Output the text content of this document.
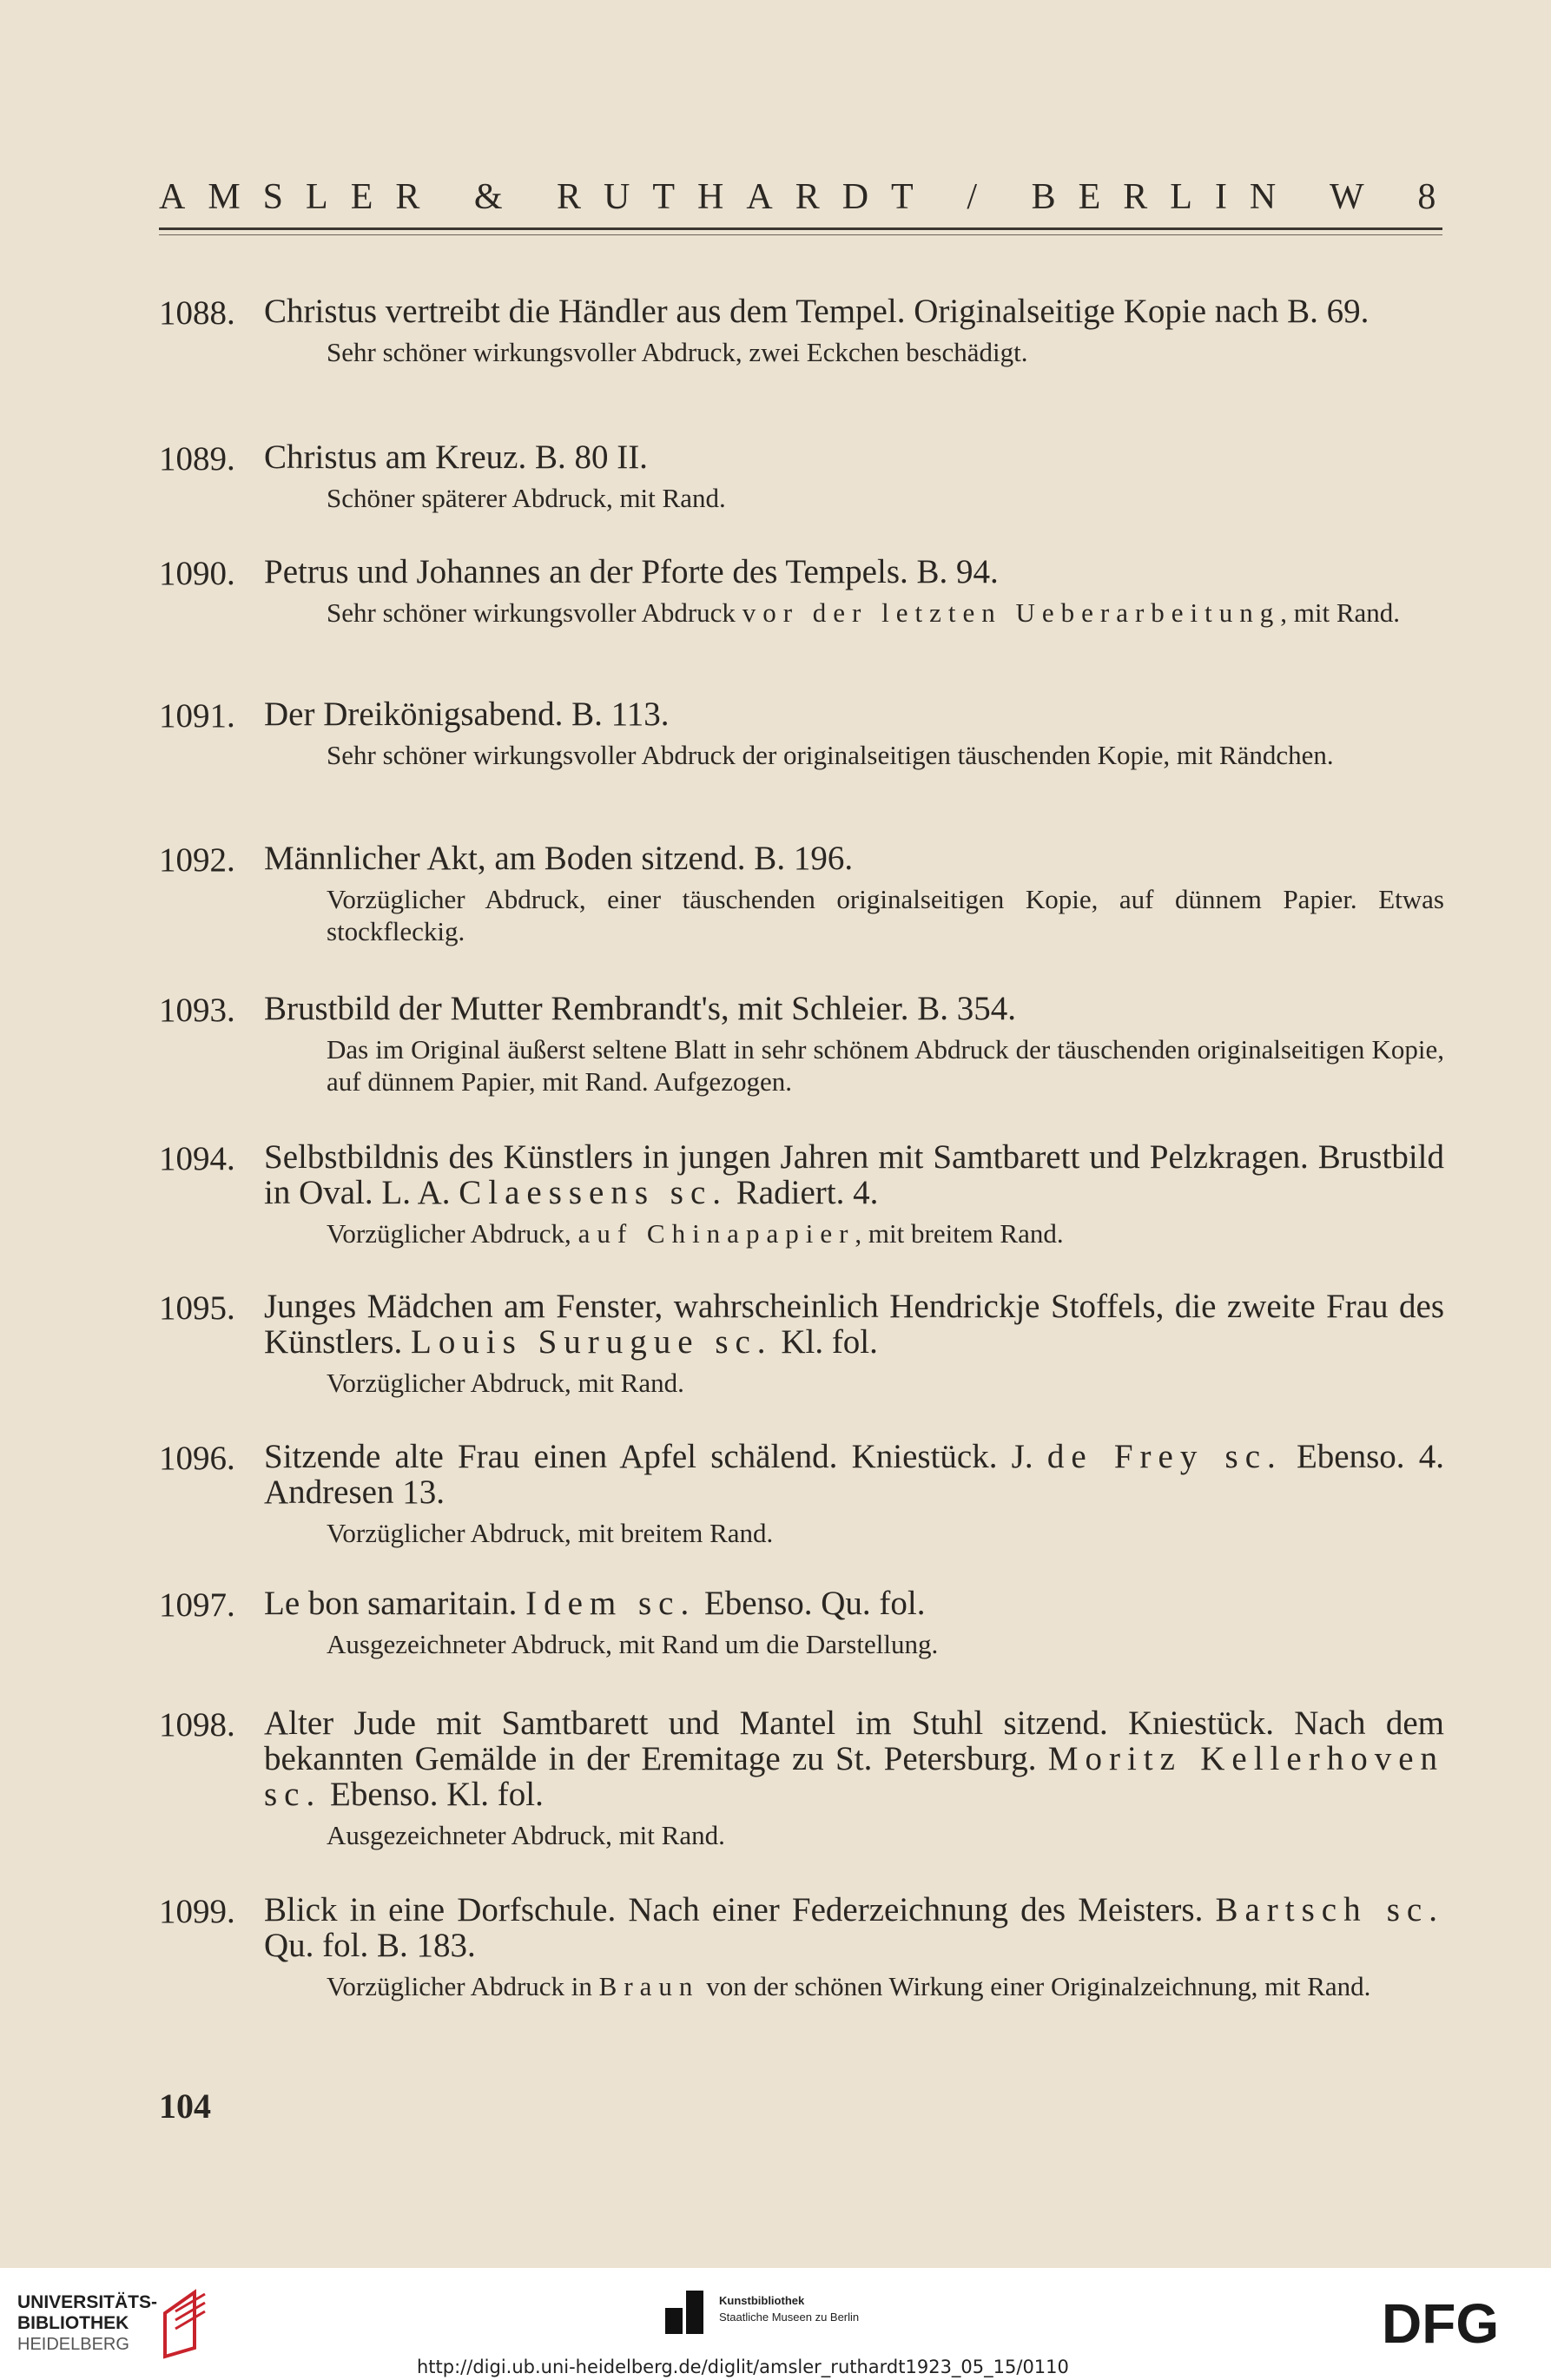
AMSLER & RUTHARDT / BERLIN W 8
1088. Christus vertreibt die Händler aus dem Tempel. Originalseitige Kopie nach B. 69.
Sehr schöner wirkungsvoller Abdruck, zwei Eckchen beschädigt.
1089. Christus am Kreuz. B. 80 II.
Schöner späterer Abdruck, mit Rand.
1090. Petrus und Johannes an der Pforte des Tempels. B. 94.
Sehr schöner wirkungsvoller Abdruck vor der letzten Ueberarbeitung, mit Rand.
1091. Der Dreikönigsabend. B. 113.
Sehr schöner wirkungsvoller Abdruck der originalseitigen täuschenden Kopie, mit Rändchen.
1092. Männlicher Akt, am Boden sitzend. B. 196.
Vorzüglicher Abdruck, einer täuschenden originalseitigen Kopie, auf dünnem Papier. Etwas stockfleckig.
1093. Brustbild der Mutter Rembrandt's, mit Schleier. B. 354.
Das im Original äußerst seltene Blatt in sehr schönem Abdruck der täuschenden originalseitigen Kopie, auf dünnem Papier, mit Rand. Aufgezogen.
1094. Selbstbildnis des Künstlers in jungen Jahren mit Samtbarett und Pelzkragen. Brustbild in Oval. L. A. Claessens sc. Radiert. 4.
Vorzüglicher Abdruck, auf Chinapapier, mit breitem Rand.
1095. Junges Mädchen am Fenster, wahrscheinlich Hendrickje Stoffels, die zweite Frau des Künstlers. Louis Surugue sc. Kl. fol.
Vorzüglicher Abdruck, mit Rand.
1096. Sitzende alte Frau einen Apfel schälend. Kniestück. J. de Frey sc. Ebenso. 4. Andresen 13.
Vorzüglicher Abdruck, mit breitem Rand.
1097. Le bon samaritain. Idem sc. Ebenso. Qu. fol.
Ausgezeichneter Abdruck, mit Rand um die Darstellung.
1098. Alter Jude mit Samtbarett und Mantel im Stuhl sitzend. Kniestück. Nach dem bekannten Gemälde in der Eremitage zu St. Petersburg. Moritz Kellerhoven sc. Ebenso. Kl. fol.
Ausgezeichneter Abdruck, mit Rand.
1099. Blick in eine Dorfschule. Nach einer Federzeichnung des Meisters. Bartsch sc. Qu. fol. B. 183.
Vorzüglicher Abdruck in Braun von der schönen Wirkung einer Originalzeichnung, mit Rand.
104
UNIVERSITÄTS-
BIBLIOTHEK
HEIDELBERG
Kunstbibliothek
Staatliche Museen zu Berlin	DFG
http://digi.ub.uni-heidelberg.de/diglit/amsler_ruthardt1923_05_15/0110
